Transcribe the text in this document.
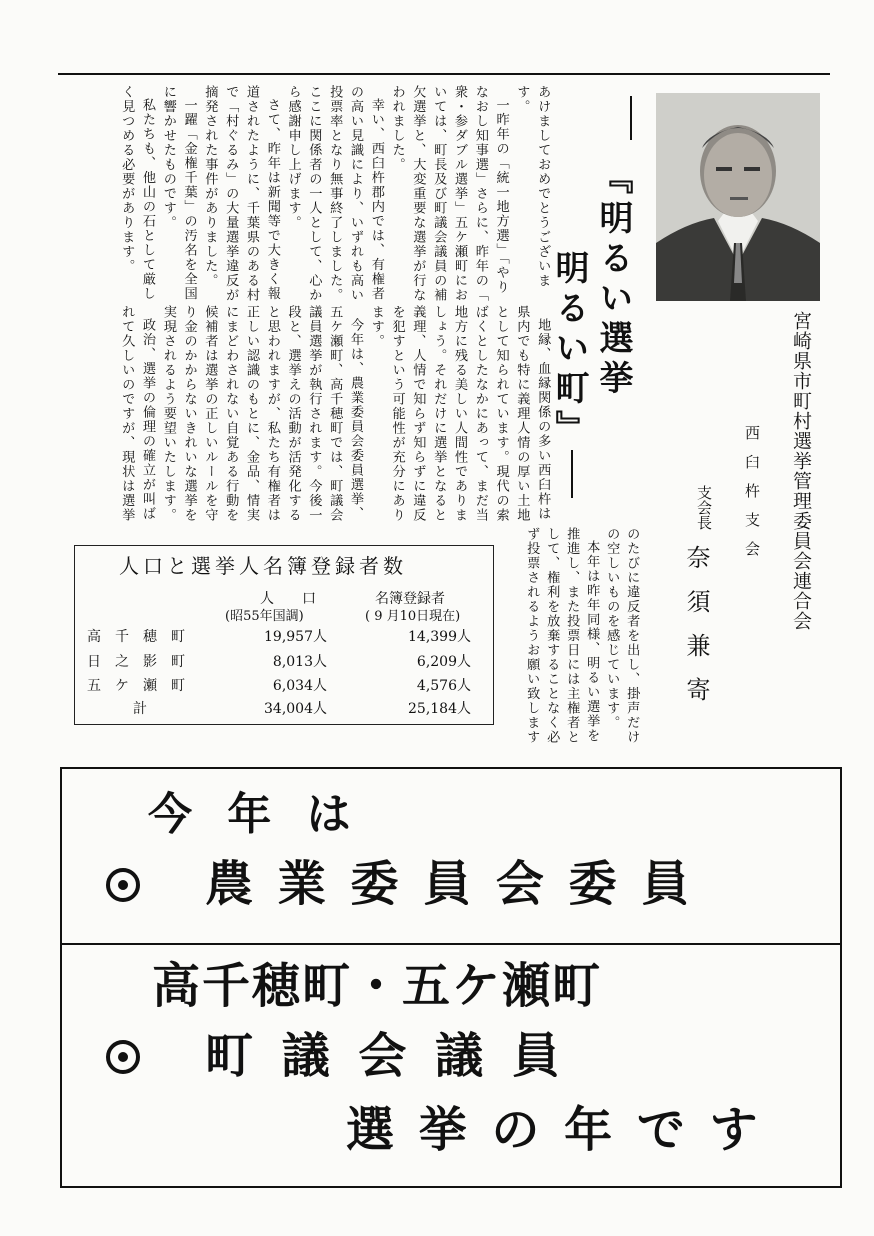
『明るい選挙
明るい町』
あけましておめでとうございま
す。
一昨年の「統一地方選」「やり
なおし知事選」さらに、昨年の「
衆・参ダブル選挙」五ケ瀬町にお
いては、町長及び町議会議員の補
欠選挙と、大変重要な選挙が行な
われました。
幸い、西臼杵郡内では、有権者
の高い見識により、いずれも高い
投票率となり無事終了しました。
ここに関係者の一人として、心か
ら感謝申し上げます。
さて、昨年は新聞等で大きく報
道されたように、千葉県のある村
で「村ぐるみ」の大量選挙違反が
摘発された事件がありました。
一躍「金権千葉」の汚名を全国
に響かせたものです。
私たちも、他山の石として厳し
く見つめる必要があります。
地縁、血縁関係の多い西臼杵は
県内でも特に義理人情の厚い土地
として知られています。現代の索
ばくとしたなかにあって、まだ当
地方に残る美しい人間性でありま
しょう。それだけに選挙となると
義理、人情で知らず知らずに違反
を犯すという可能性が充分にあり
ます。
今年は、農業委員会委員選挙、
五ケ瀬町、高千穂町では、町議会
議員選挙が執行されます。今後一
段と、選挙えの活動が活発化する
と思われますが、私たち有権者は
正しい認識のもとに、金品、情実
にまどわされない自覚ある行動を
候補者は選挙の正しいルールを守
り金のかからないきれいな選挙を
実現されるよう要望いたします。
政治、選挙の倫理の確立が叫ば
れて久しいのですが、現状は選挙
のたびに違反者を出し、掛声だけ
の空しいものを感じています。
本年は昨年同様、明るい選挙を
推進し、また投票日には主権者と
して、権利を放棄することなく必
ず投票されるようお願い致します
宮崎県市町村選挙管理委員会連合会
西臼杵支会
支会長
奈須兼寄
人口と選挙人名簿登録者数
人　　口
(昭55年国調)
名簿登録者
( 9 月10日現在)
高　千　穂　町	19,957人	14,399人
日　之　影　町	8,013人	6,209人
五　ケ　瀬　町	6,034人	4,576人
計	34,004人	25,184人
今 年 は
農 業 委 員 会 委 員
高千穂町・五ケ瀬町
町 議 会 議 員
選 挙 の 年 で す
